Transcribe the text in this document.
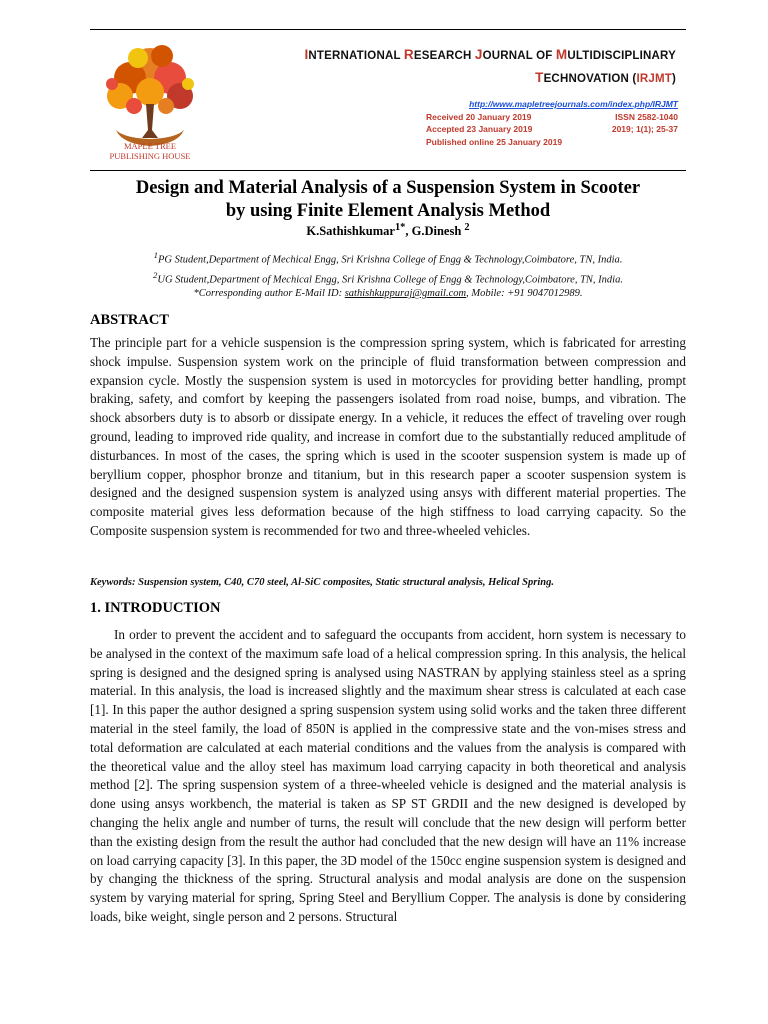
MAPLE TREE
PUBLISHING HOUSE
INTERNATIONAL RESEARCH JOURNAL OF MULTIDISCIPLINARY
TECHNOVATION (IRJMT)
http://www.mapletreejournals.com/index.php/IRJMT
Received 20 January 2019	ISSN 2582-1040
Accepted 23 January 2019	2019; 1(1); 25-37
Published online 25 January 2019
Design and Material Analysis of a Suspension System in Scooter
by using Finite Element Analysis Method
K.Sathishkumar$^{1*}$, G.Dinesh $^2$
$^1$PG Student,Department of Mechical Engg, Sri Krishna College of Engg & Technology,Coimbatore, TN, India.
$^2$UG Student,Department of Mechical Engg, Sri Krishna College of Engg & Technology,Coimbatore, TN, India.
*Corresponding author E-Mail ID: sathishkuppuraj@gmail.com, Mobile: +91 9047012989.
ABSTRACT

The principle part for a vehicle suspension is the compression spring system, which is fabricated for arresting shock impulse. Suspension system work on the principle of fluid transformation between compression and expansion cycle. Mostly the suspension system is used in motorcycles for providing better handling, prompt braking, safety, and comfort by keeping the passengers isolated from road noise, bumps, and vibration. The shock absorbers duty is to absorb or dissipate energy. In a vehicle, it reduces the effect of traveling over rough ground, leading to improved ride quality, and increase in comfort due to the substantially reduced amplitude of disturbances. In most of the cases, the spring which is used in the scooter suspension system is made up of beryllium copper, phosphor bronze and titanium, but in this research paper a scooter suspension system is designed and the designed suspension system is analyzed using ansys with different material properties. The composite material gives less deformation because of the high stiffness to load carrying capacity. So the Composite suspension system is recommended for two and three-wheeled vehicles.

Keywords: Suspension system, C40, C70 steel, Al-SiC composites, Static structural analysis, Helical Spring.
1. INTRODUCTION

In order to prevent the accident and to safeguard the occupants from accident, horn system is necessary to be analysed in the context of the maximum safe load of a helical compression spring. In this analysis, the helical spring is designed and the designed spring is analysed using NASTRAN by applying stainless steel as a spring material. In this analysis, the load is increased slightly and the maximum shear stress is calculated at each case [1]. In this paper the author designed a spring suspension system using solid works and the taken three different material in the steel family, the load of 850N is applied in the compressive state and the von-mises stress and total deformation are calculated at each material conditions and the values from the analysis is compared with the theoretical value and the alloy steel has maximum load carrying capacity in both theoretical and analysis method [2]. The spring suspension system of a three-wheeled vehicle is designed and the material analysis is done using ansys workbench, the material is taken as SP ST GRDII and the new designed is developed by changing the helix angle and number of turns, the result will conclude that the new design will perform better than the existing design from the result the author had concluded that the new design will have an 11% increase on load carrying capacity [3]. In this paper, the 3D model of the 150cc engine suspension system is designed and by changing the thickness of the spring. Structural analysis and modal analysis are done on the suspension system by varying material for spring, Spring Steel and Beryllium Copper. The analysis is done by considering loads, bike weight, single person and 2 persons. Structural
